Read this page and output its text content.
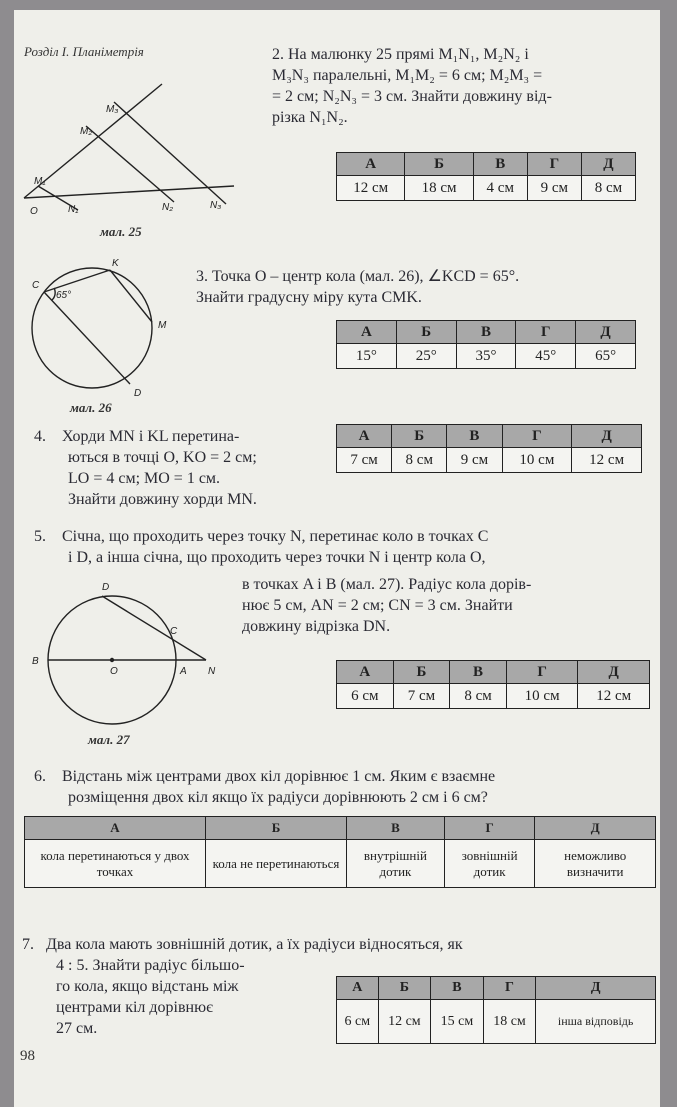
Розділ І. Планіметрія
M₁
M₂
M₃
O	N₁	N₂	N₃
мал. 25
2. На малюнку 25 прямі M₁N₁, M₂N₂ і
M₃N₃ паралельні, M₁M₂ = 6 см; M₂M₃ =
= 2 см; N₂N₃ = 3 см. Знайти довжину від-
різка N₁N₂.
А	Б	В	Г	Д
12 см	18 см	4 см	9 см	8 см
C
K
M
D
65°
мал. 26
3. Точка O – центр кола (мал. 26), ∠KCD = 65°.
Знайти градусну міру кута CMK.
А	Б	В	Г	Д
15°	25°	35°	45°	65°
4. Хорди MN і KL перетина-
ються в точці O, KO = 2 см;
LO = 4 см; MO = 1 см.
Знайти довжину хорди MN.
А	Б	В	Г	Д
7 см	8 см	9 см	10 см	12 см
5. Січна, що проходить через точку N, перетинає коло в точках C
і D, а інша січна, що проходить через точки N і центр кола O,
в точках A і B (мал. 27). Радіус кола дорів-
нює 5 см, AN = 2 см; CN = 3 см. Знайти
довжину відрізка DN.
D
C
B
O	A N
мал. 27
А	Б	В	Г	Д
6 см	7 см	8 см	10 см	12 см
6. Відстань між центрами двох кіл дорівнює 1 см. Яким є взаємне
розміщення двох кіл якщо їх радіуси дорівнюють 2 см і 6 см?
А	Б	В	Г	Д
кола перетинаються у двох точках	кола не перетинаються	внутрішній дотик	зовнішній дотик	неможливо визначити
7. Два кола мають зовнішній дотик, а їх радіуси відносяться, як
4 : 5. Знайти радіус більшо-
го кола, якщо відстань між
центрами кіл дорівнює
27 см.
А	Б	В	Г	Д
6 см	12 см	15 см	18 см	інша відповідь
98
